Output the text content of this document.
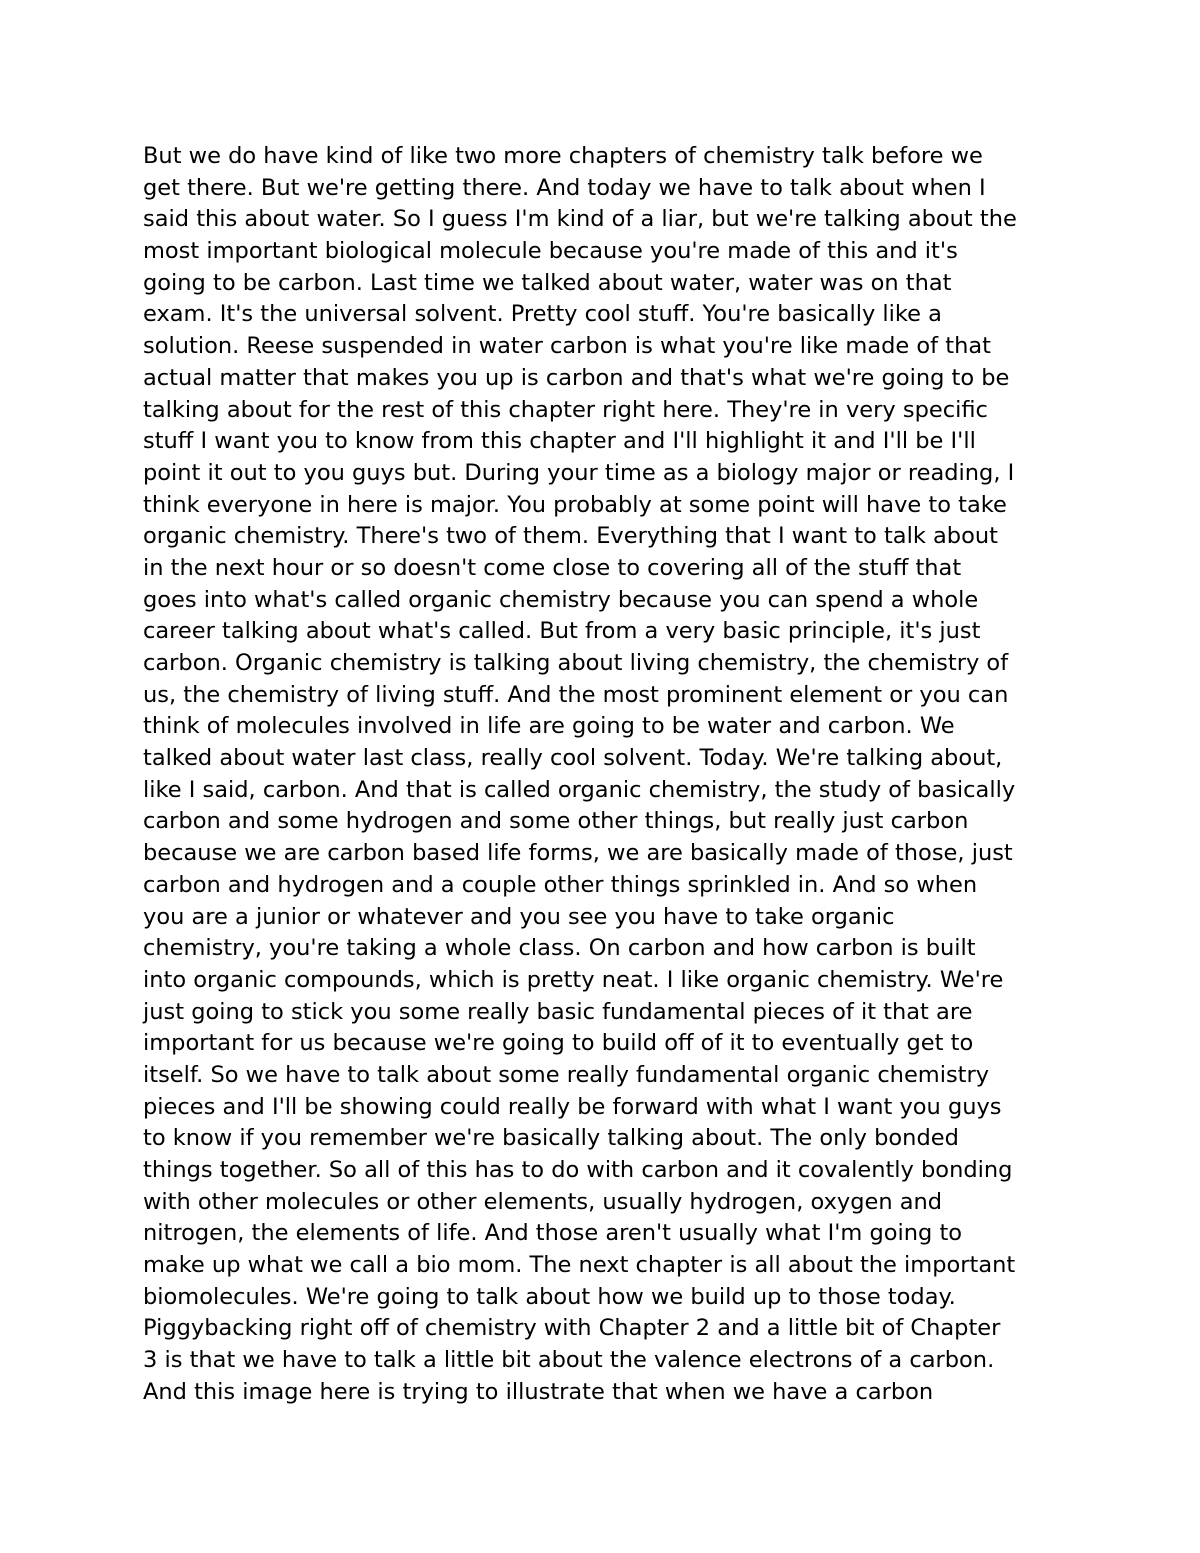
But we do have kind of like two more chapters of chemistry talk before we
get there. But we're getting there. And today we have to talk about when I
said this about water. So I guess I'm kind of a liar, but we're talking about the
most important biological molecule because you're made of this and it's
going to be carbon. Last time we talked about water, water was on that
exam. It's the universal solvent. Pretty cool stuff. You're basically like a
solution. Reese suspended in water carbon is what you're like made of that
actual matter that makes you up is carbon and that's what we're going to be
talking about for the rest of this chapter right here. They're in very specific
stuff I want you to know from this chapter and I'll highlight it and I'll be I'll
point it out to you guys but. During your time as a biology major or reading, I
think everyone in here is major. You probably at some point will have to take
organic chemistry. There's two of them. Everything that I want to talk about
in the next hour or so doesn't come close to covering all of the stuff that
goes into what's called organic chemistry because you can spend a whole
career talking about what's called. But from a very basic principle, it's just
carbon. Organic chemistry is talking about living chemistry, the chemistry of
us, the chemistry of living stuff. And the most prominent element or you can
think of molecules involved in life are going to be water and carbon. We
talked about water last class, really cool solvent. Today. We're talking about,
like I said, carbon. And that is called organic chemistry, the study of basically
carbon and some hydrogen and some other things, but really just carbon
because we are carbon based life forms, we are basically made of those, just
carbon and hydrogen and a couple other things sprinkled in. And so when
you are a junior or whatever and you see you have to take organic
chemistry, you're taking a whole class. On carbon and how carbon is built
into organic compounds, which is pretty neat. I like organic chemistry. We're
just going to stick you some really basic fundamental pieces of it that are
important for us because we're going to build off of it to eventually get to
itself. So we have to talk about some really fundamental organic chemistry
pieces and I'll be showing could really be forward with what I want you guys
to know if you remember we're basically talking about. The only bonded
things together. So all of this has to do with carbon and it covalently bonding
with other molecules or other elements, usually hydrogen, oxygen and
nitrogen, the elements of life. And those aren't usually what I'm going to
make up what we call a bio mom. The next chapter is all about the important
biomolecules. We're going to talk about how we build up to those today.
Piggybacking right off of chemistry with Chapter 2 and a little bit of Chapter
3 is that we have to talk a little bit about the valence electrons of a carbon.
And this image here is trying to illustrate that when we have a carbon
